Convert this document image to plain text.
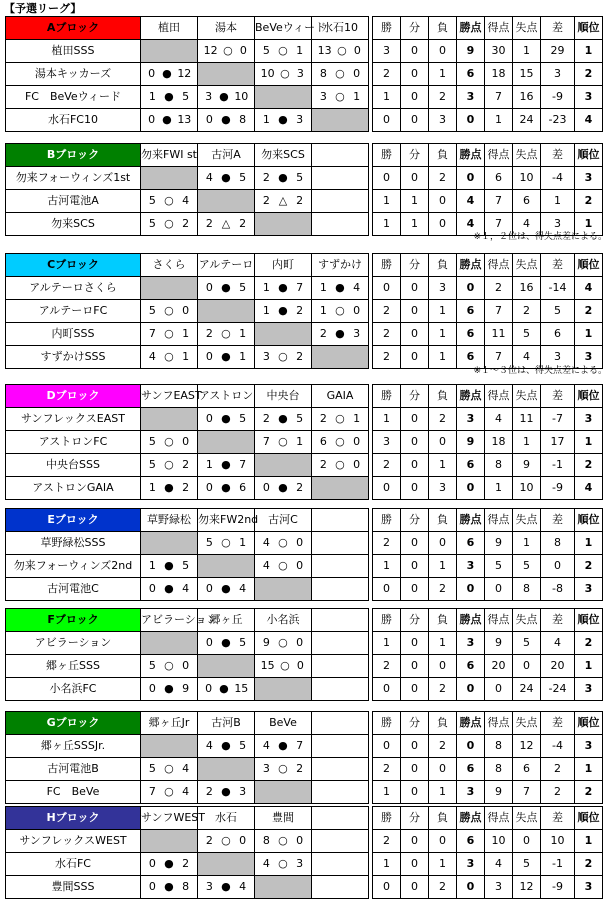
【予選リーグ】
Aブロック	植田	湯本	BeVeウィード	水石10		勝	分	負	勝点	得点	失点	差	順位
植田SSS		12 ○ 0	5 ○ 1	13 ○ 0		3	0	0	9	30	1	29	1
湯本キッカーズ	0 ● 12		10 ○ 3	8 ○ 0		2	0	1	6	18	15	3	2
FC　BeVeウィード	1 ● 5	3 ● 10		3 ○ 1		1	0	2	3	7	16	-9	3
水石FC10	0 ● 13	0 ● 8	1 ● 3			0	0	3	0	1	24	-23	4
Bブロック	勿来FWI st	古河A	勿来SCS			勝	分	負	勝点	得点	失点	差	順位
勿来フォーウィンズ1st		4 ● 5	2 ● 5			0	0	2	0	6	10	-4	3
古河電池A	5 ○ 4		2 △ 2			1	1	0	4	7	6	1	2
勿来SCS	5 ○ 2	2 △ 2				1	1	0	4	7	4	3	1
※１，２位は、得失点差による。
Cブロック	さくら	アルテーロ	内町	すずかけ		勝	分	負	勝点	得点	失点	差	順位
アルテーロさくら		0 ● 5	1 ● 7	1 ● 4		0	0	3	0	2	16	-14	4
アルテーロFC	5 ○ 0		1 ● 2	1 ○ 0		2	0	1	6	7	2	5	2
内町SSS	7 ○ 1	2 ○ 1		2 ● 3		2	0	1	6	11	5	6	1
すずかけSSS	4 ○ 1	0 ● 1	3 ○ 2			2	0	1	6	7	4	3	3
※１～３位は、得失点差による。
Dブロック	サンフEAST	アストロン	中央台	GAIA		勝	分	負	勝点	得点	失点	差	順位
サンフレックスEAST		0 ● 5	2 ● 5	2 ○ 1		1	0	2	3	4	11	-7	3
アストロンFC	5 ○ 0		7 ○ 1	6 ○ 0		3	0	0	9	18	1	17	1
中央台SSS	5 ○ 2	1 ● 7		2 ○ 0		2	0	1	6	8	9	-1	2
アストロンGAIA	1 ● 2	0 ● 6	0 ● 2			0	0	3	0	1	10	-9	4
Eブロック	草野緑松	勿来FW2nd	古河C			勝	分	負	勝点	得点	失点	差	順位
草野緑松SSS		5 ○ 1	4 ○ 0			2	0	0	6	9	1	8	1
勿来フォーウィンズ2nd	1 ● 5		4 ○ 0			1	0	1	3	5	5	0	2
古河電池C	0 ● 4	0 ● 4				0	0	2	0	0	8	-8	3
Fブロック	アビラーション	郷ヶ丘	小名浜			勝	分	負	勝点	得点	失点	差	順位
アビラーション		0 ● 5	9 ○ 0			1	0	1	3	9	5	4	2
郷ヶ丘SSS	5 ○ 0		15 ○ 0			2	0	0	6	20	0	20	1
小名浜FC	0 ● 9	0 ● 15				0	0	2	0	0	24	-24	3
Gブロック	郷ヶ丘Jr	古河B	BeVe			勝	分	負	勝点	得点	失点	差	順位
郷ヶ丘SSSJr.		4 ● 5	4 ● 7			0	0	2	0	8	12	-4	3
古河電池B	5 ○ 4		3 ○ 2			2	0	0	6	8	6	2	1
FC　BeVe	7 ○ 4	2 ● 3				1	0	1	3	9	7	2	2
Hブロック	サンフWEST	水石	豊間			勝	分	負	勝点	得点	失点	差	順位
サンフレックスWEST		2 ○ 0	8 ○ 0			2	0	0	6	10	0	10	1
水石FC	0 ● 2		4 ○ 3			1	0	1	3	4	5	-1	2
豊間SSS	0 ● 8	3 ● 4				0	0	2	0	3	12	-9	3
